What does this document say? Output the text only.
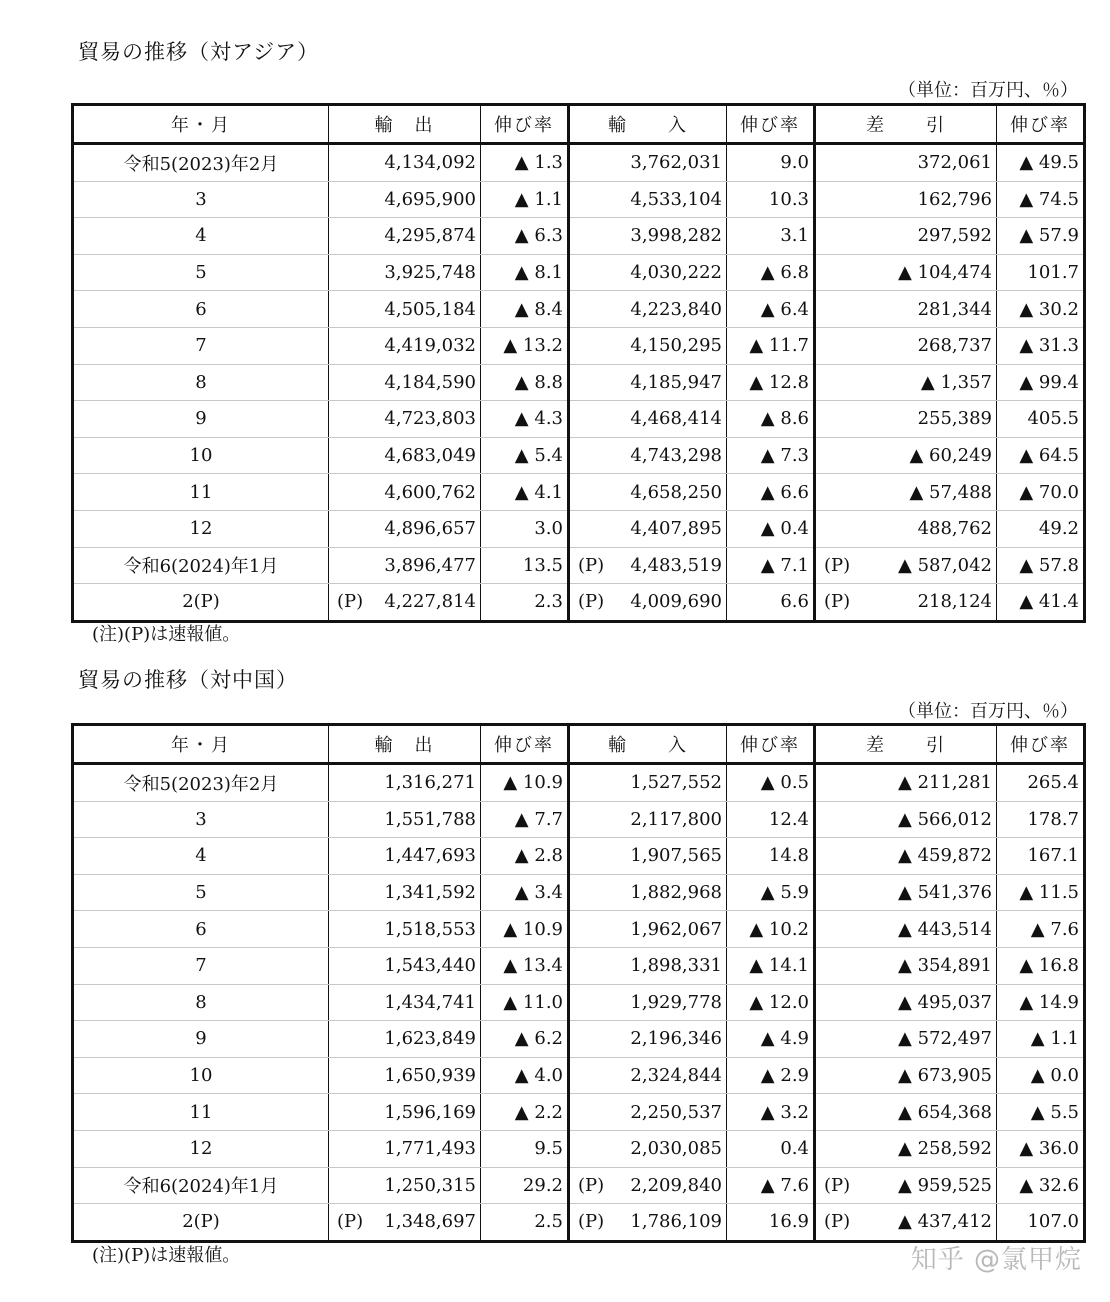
貿易の推移（対アジア）
（単位：百万円、％）
年・月	輸　出	伸び率	輸　　入	伸び率	差　　引	伸び率
令和5(2023)年2月	4,134,092	▲ 1.3	3,762,031	9.0	372,061	▲ 49.5
3	4,695,900	▲ 1.1	4,533,104	10.3	162,796	▲ 74.5
4	4,295,874	▲ 6.3	3,998,282	3.1	297,592	▲ 57.9
5	3,925,748	▲ 8.1	4,030,222	▲ 6.8	▲ 104,474	101.7
6	4,505,184	▲ 8.4	4,223,840	▲ 6.4	281,344	▲ 30.2
7	4,419,032	▲ 13.2	4,150,295	▲ 11.7	268,737	▲ 31.3
8	4,184,590	▲ 8.8	4,185,947	▲ 12.8	▲ 1,357	▲ 99.4
9	4,723,803	▲ 4.3	4,468,414	▲ 8.6	255,389	405.5
10	4,683,049	▲ 5.4	4,743,298	▲ 7.3	▲ 60,249	▲ 64.5
11	4,600,762	▲ 4.1	4,658,250	▲ 6.6	▲ 57,488	▲ 70.0
12	4,896,657	3.0	4,407,895	▲ 0.4	488,762	49.2
令和6(2024)年1月	3,896,477	13.5	(P) 4,483,519	▲ 7.1	(P) ▲ 587,042	▲ 57.8
2(P)	(P) 4,227,814	2.3	(P) 4,009,690	6.6	(P) 218,124	▲ 41.4
(注)(P)は速報値。
貿易の推移（対中国）
（単位：百万円、％）
年・月	輸　出	伸び率	輸　　入	伸び率	差　　引	伸び率
令和5(2023)年2月	1,316,271	▲ 10.9	1,527,552	▲ 0.5	▲ 211,281	265.4
3	1,551,788	▲ 7.7	2,117,800	12.4	▲ 566,012	178.7
4	1,447,693	▲ 2.8	1,907,565	14.8	▲ 459,872	167.1
5	1,341,592	▲ 3.4	1,882,968	▲ 5.9	▲ 541,376	▲ 11.5
6	1,518,553	▲ 10.9	1,962,067	▲ 10.2	▲ 443,514	▲ 7.6
7	1,543,440	▲ 13.4	1,898,331	▲ 14.1	▲ 354,891	▲ 16.8
8	1,434,741	▲ 11.0	1,929,778	▲ 12.0	▲ 495,037	▲ 14.9
9	1,623,849	▲ 6.2	2,196,346	▲ 4.9	▲ 572,497	▲ 1.1
10	1,650,939	▲ 4.0	2,324,844	▲ 2.9	▲ 673,905	▲ 0.0
11	1,596,169	▲ 2.2	2,250,537	▲ 3.2	▲ 654,368	▲ 5.5
12	1,771,493	9.5	2,030,085	0.4	▲ 258,592	▲ 36.0
令和6(2024)年1月	1,250,315	29.2	(P) 2,209,840	▲ 7.6	(P) ▲ 959,525	▲ 32.6
2(P)	(P) 1,348,697	2.5	(P) 1,786,109	16.9	(P) ▲ 437,412	107.0
(注)(P)は速報値。	知乎 @氯甲烷
